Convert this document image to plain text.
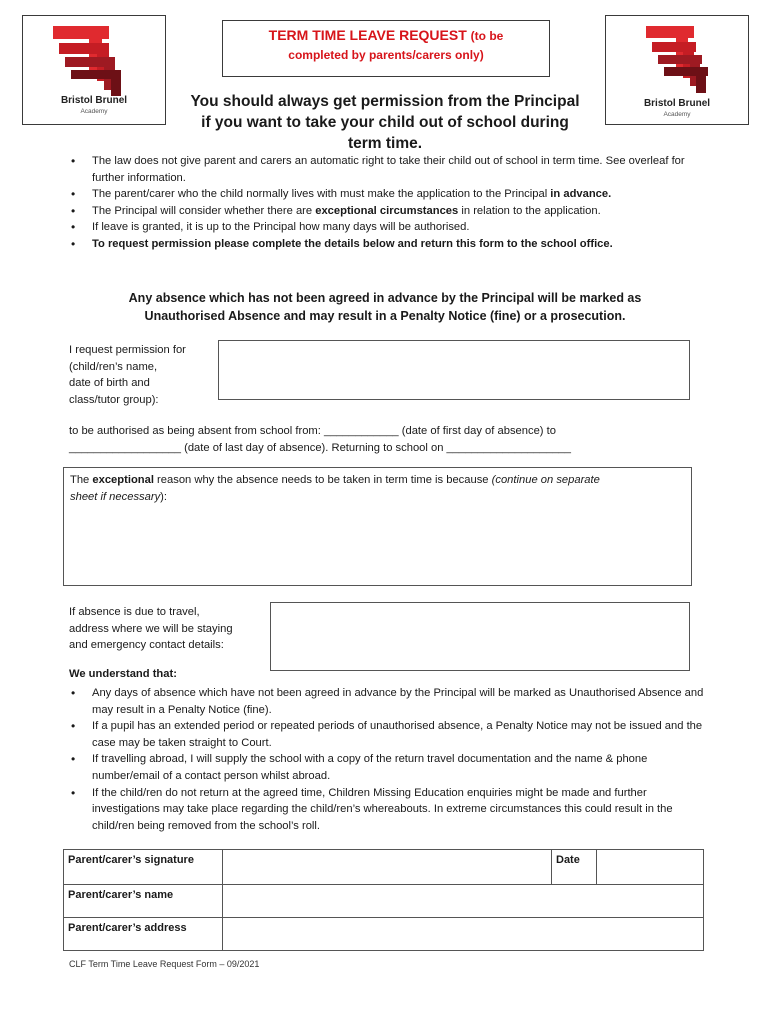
Bristol Brunel
Academy
Bristol Brunel
Academy
TERM TIME LEAVE REQUEST (to be
completed by parents/carers only)
You should always get permission from the Principal
if you want to take your child out of school during
term time.
• The law does not give parent and carers an automatic right to take their child out of school in term time. See overleaf for further information.
• The parent/carer who the child normally lives with must make the application to the Principal in advance.
• The Principal will consider whether there are exceptional circumstances in relation to the application.
• If leave is granted, it is up to the Principal how many days will be authorised.
• To request permission please complete the details below and return this form to the school office.
Any absence which has not been agreed in advance by the Principal will be marked as
Unauthorised Absence and may result in a Penalty Notice (fine) or a prosecution.
I request permission for
(child/ren’s name,
date of birth and
class/tutor group):
to be authorised as being absent from school from: ____________ (date of first day of absence) to
__________________ (date of last day of absence). Returning to school on ____________________
The exceptional reason why the absence needs to be taken in term time is because (continue on separate
sheet if necessary):
If absence is due to travel,
address where we will be staying
and emergency contact details:
We understand that:
• Any days of absence which have not been agreed in advance by the Principal will be marked as Unauthorised Absence and may result in a Penalty Notice (fine).
• If a pupil has an extended period or repeated periods of unauthorised absence, a Penalty Notice may not be issued and the case may be taken straight to Court.
• If travelling abroad, I will supply the school with a copy of the return travel documentation and the name & phone number/email of a contact person whilst abroad.
• If the child/ren do not return at the agreed time, Children Missing Education enquiries might be made and further investigations may take place regarding the child/ren’s whereabouts. In extreme circumstances this could result in the child/ren being removed from the school’s roll.
Parent/carer’s signature		Date	
Parent/carer’s name			
Parent/carer’s address			
CLF Term Time Leave Request Form – 09/2021
